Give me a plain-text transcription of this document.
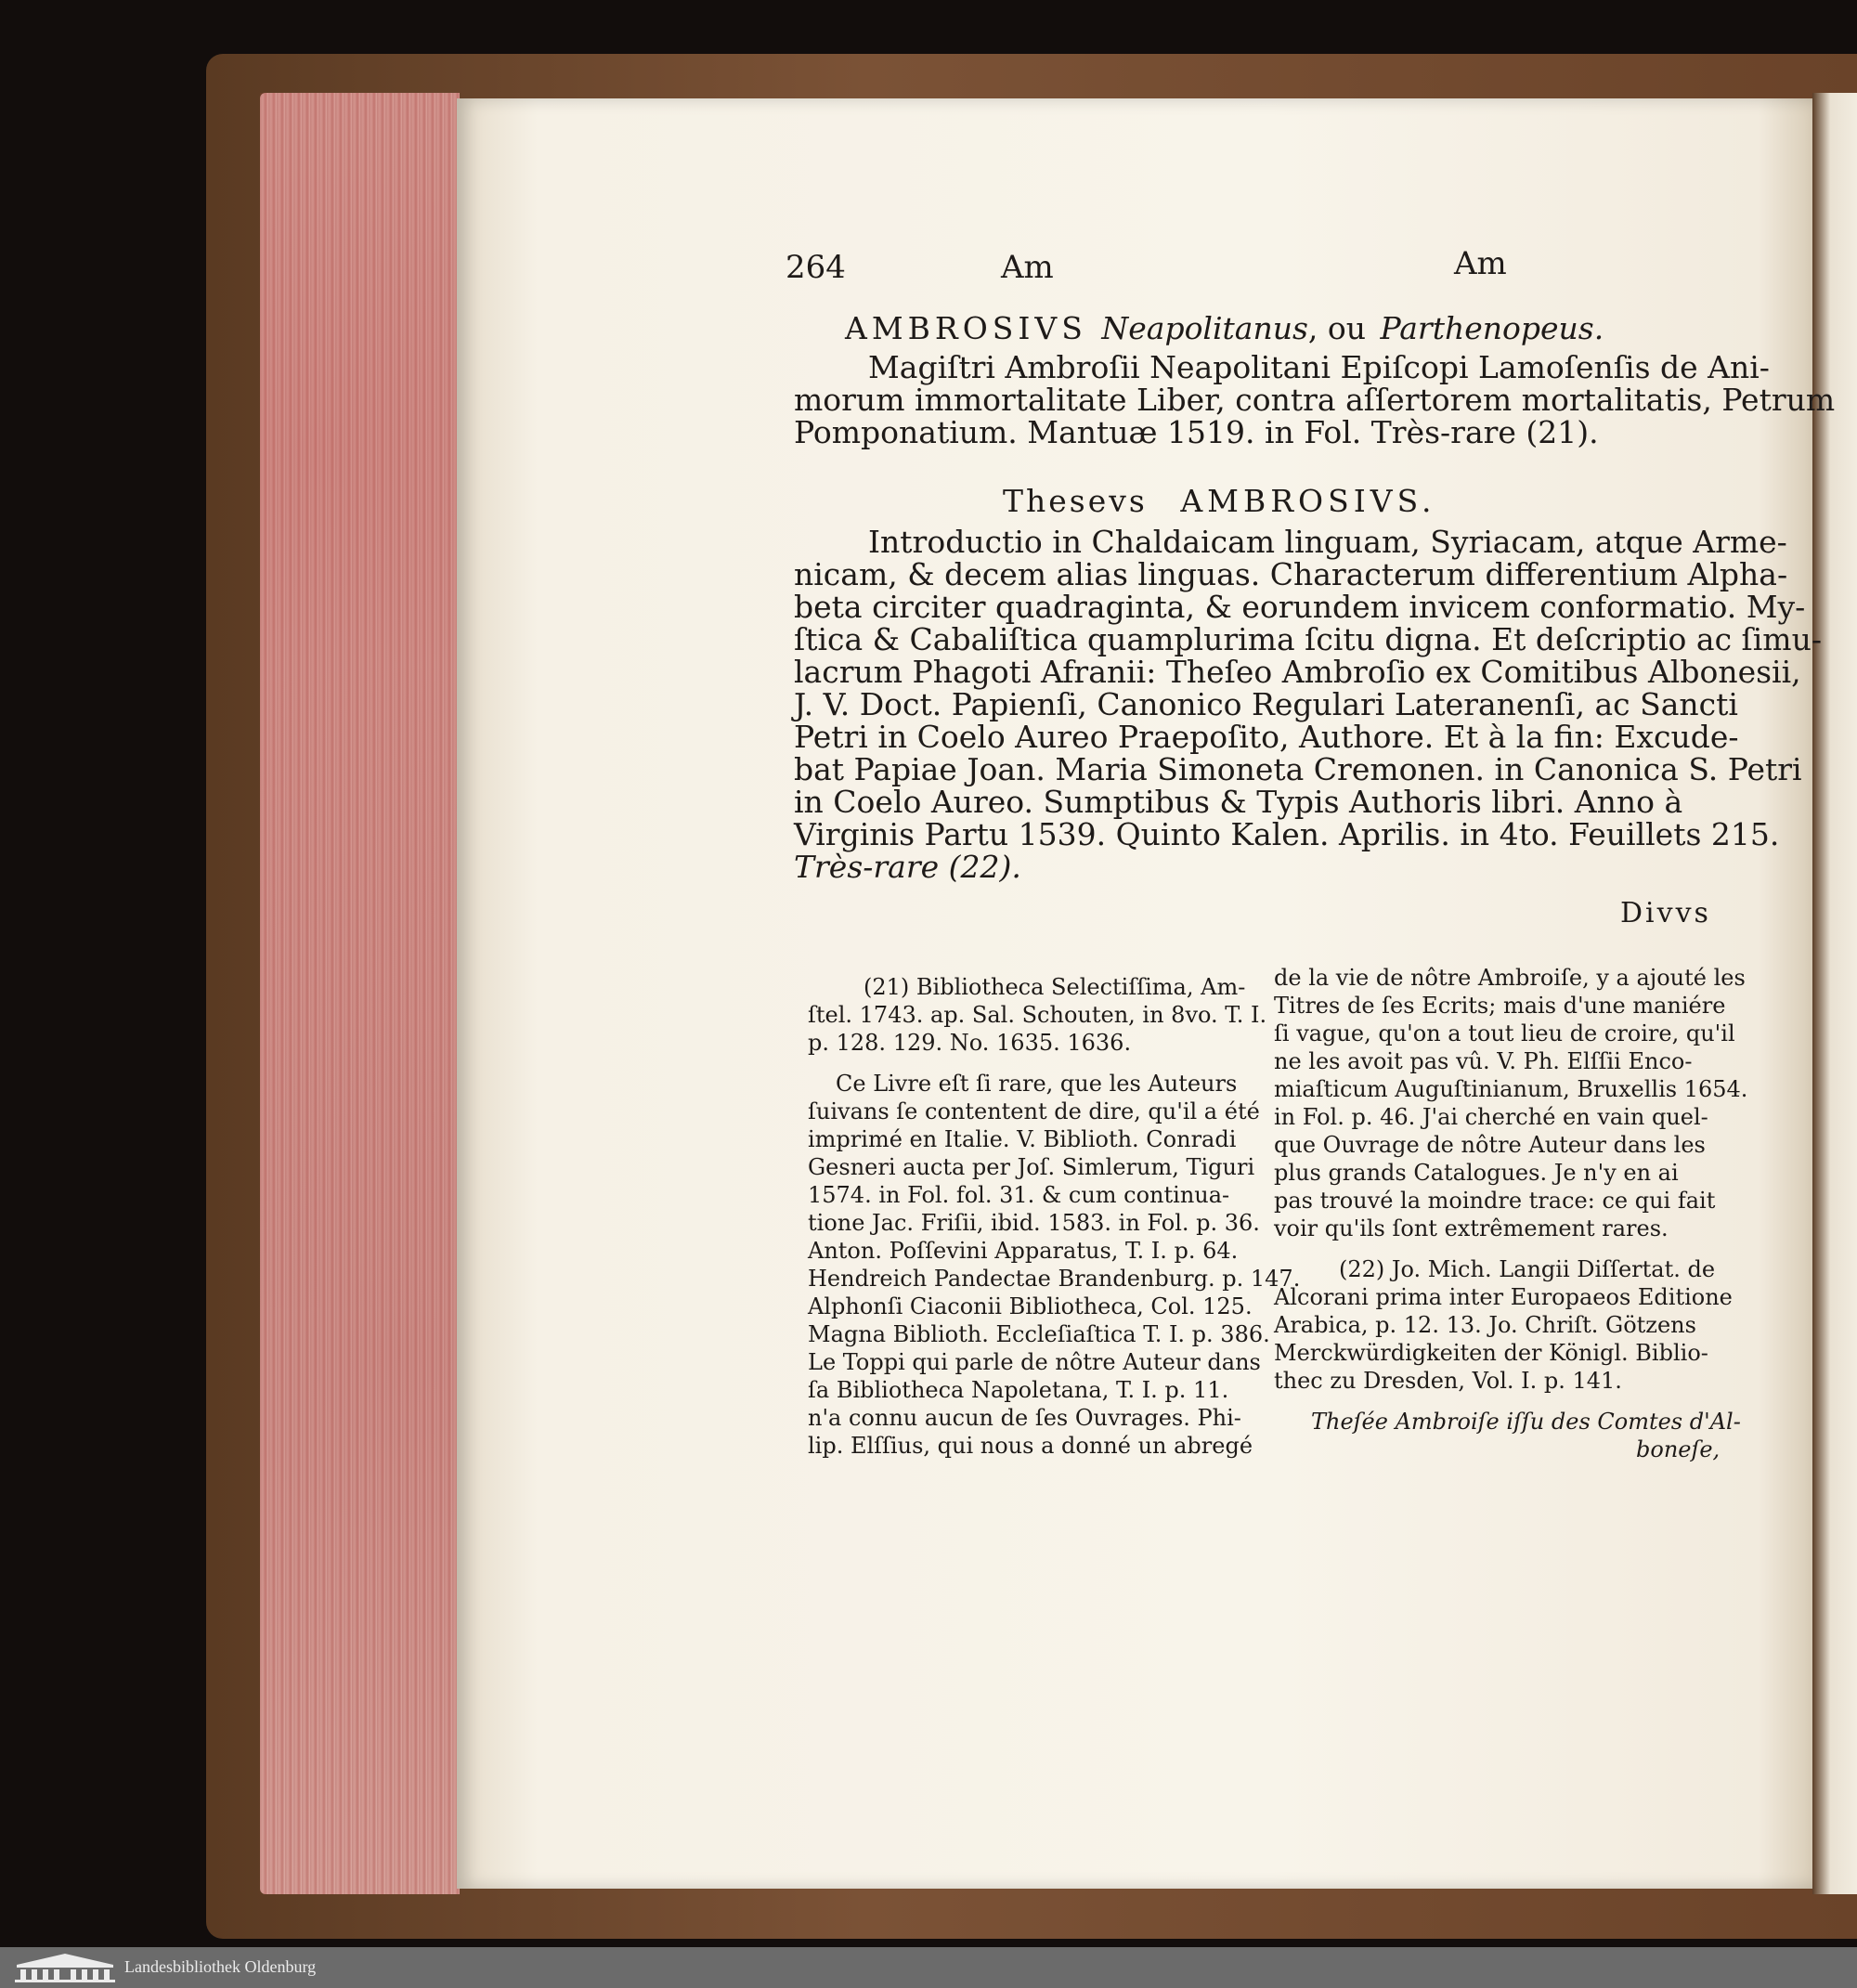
264	Am	Am
AMBROSIVS Neapolitanus, ou Parthenopeus.
Magiſtri Ambroſii Neapolitani Epiſcopi Lamoſenſis de Ani-
morum immortalitate Liber, contra aſſertorem mortalitatis, Petrum
Pomponatium. Mantuæ 1519. in Fol. Très-rare (21).
Thesevs AMBROSIVS.
Introductio in Chaldaicam linguam, Syriacam, atque Arme-
nicam, & decem alias linguas. Characterum differentium Alpha-
beta circiter quadraginta, & eorundem invicem conformatio. My-
ſtica & Cabaliſtica quamplurima ſcitu digna. Et deſcriptio ac ſimu-
lacrum Phagoti Afranii: Theſeo Ambroſio ex Comitibus Albonesii,
J. V. Doct. Papienſi, Canonico Regulari Lateranenſi, ac Sancti
Petri in Coelo Aureo Praepoſito, Authore. Et à la fin: Excude-
bat Papiae Joan. Maria Simoneta Cremonen. in Canonica S. Petri
in Coelo Aureo. Sumptibus & Typis Authoris libri. Anno à
Virginis Partu 1539. Quinto Kalen. Aprilis. in 4to. Feuillets 215.
Très-rare (22).
Divvs
(21) Bibliotheca Selectiſſima, Am-
ſtel. 1743. ap. Sal. Schouten, in 8vo. T. I.
p. 128. 129. No. 1635. 1636.
Ce Livre eſt ſi rare, que les Auteurs
ſuivans ſe contentent de dire, qu'il a été
imprimé en Italie. V. Biblioth. Conradi
Gesneri aucta per Joſ. Simlerum, Tiguri
1574. in Fol. fol. 31. & cum continua-
tione Jac. Friſii, ibid. 1583. in Fol. p. 36.
Anton. Poſſevini Apparatus, T. I. p. 64.
Hendreich Pandectae Brandenburg. p. 147.
Alphonſi Ciaconii Bibliotheca, Col. 125.
Magna Biblioth. Eccleſiaſtica T. I. p. 386.
Le Toppi qui parle de nôtre Auteur dans
ſa Bibliotheca Napoletana, T. I. p. 11.
n'a connu aucun de ſes Ouvrages. Phi-
lip. Elſſius, qui nous a donné un abregé
de la vie de nôtre Ambroiſe, y a ajouté les
Titres de ſes Ecrits; mais d'une maniére
ſi vague, qu'on a tout lieu de croire, qu'il
ne les avoit pas vû. V. Ph. Elſſii Enco-
miaſticum Auguſtinianum, Bruxellis 1654.
in Fol. p. 46. J'ai cherché en vain quel-
que Ouvrage de nôtre Auteur dans les
plus grands Catalogues. Je n'y en ai
pas trouvé la moindre trace: ce qui fait
voir qu'ils ſont extrêmement rares.
(22) Jo. Mich. Langii Diſſertat. de
Alcorani prima inter Europaeos Editione
Arabica, p. 12. 13. Jo. Chriſt. Götzens
Merckwürdigkeiten der Königl. Biblio-
thec zu Dresden, Vol. I. p. 141.
Theſée Ambroiſe iſſu des Comtes d'Al-
boneſe,
Landesbibliothek Oldenburg
